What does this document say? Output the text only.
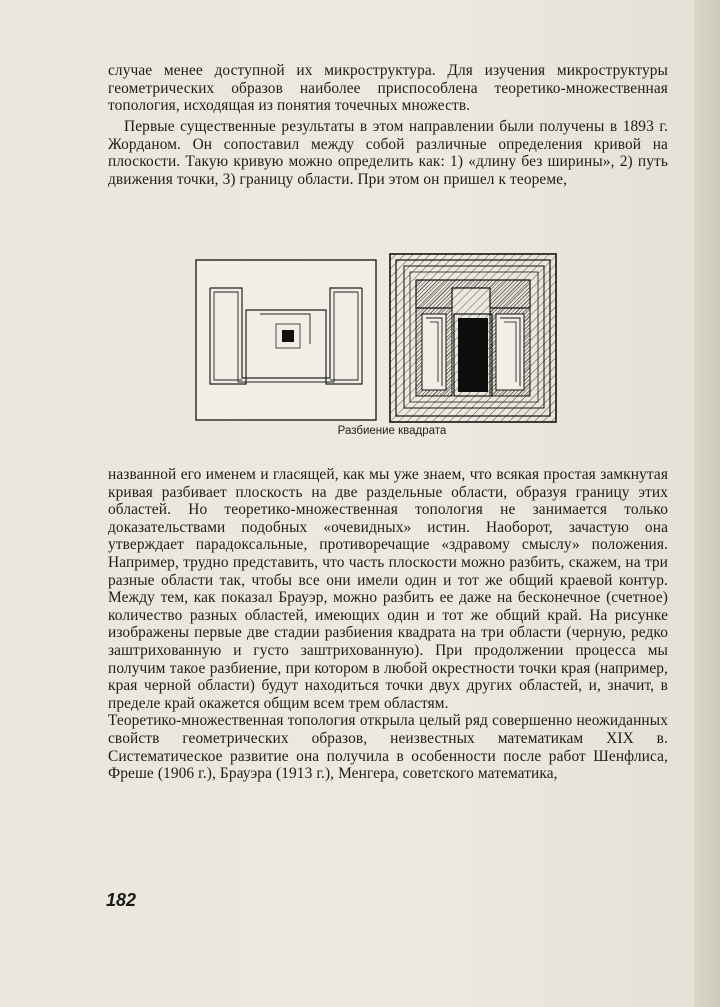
случае менее доступной их микроструктура. Для изучения микроструктуры геометрических образов наиболее приспособлена теоретико-множественная топология, исходящая из понятия точечных множеств.

Первые существенные результаты в этом направлении были получены в 1893 г. Жорданом. Он сопоставил между собой различные определения кривой на плоскости. Такую кривую можно определить как: 1) «длину без ширины», 2) путь движения точки, 3) границу области. При этом он пришел к теореме,

Разбиение квадрата

названной его именем и гласящей, как мы уже знаем, что всякая простая замкнутая кривая разбивает плоскость на две раздельные области, образуя границу этих областей. Но теоретико-множественная топология не занимается только доказательствами подобных «очевидных» истин. Наоборот, зачастую она утверждает парадоксальные, противоречащие «здравому смыслу» положения. Например, трудно представить, что часть плоскости можно разбить, скажем, на три разные области так, чтобы все они имели один и тот же общий краевой контур. Между тем, как показал Брауэр, можно разбить ее даже на бесконечное (счетное) количество разных областей, имеющих один и тот же общий край. На рисунке изображены первые две стадии разбиения квадрата на три области (черную, редко заштрихованную и густо заштрихованную). При продолжении процесса мы получим такое разбиение, при котором в любой окрестности точки края (например, края черной области) будут находиться точки двух других областей, и, значит, в пределе край окажется общим всем трем областям.
Теоретико-множественная топология открыла целый ряд совершенно неожиданных свойств геометрических образов, неизвестных математикам XIX в. Систематическое развитие она получила в особенности после работ Шенфлиса, Фреше (1906 г.), Брауэра (1913 г.), Менгера, советского математика,

182
